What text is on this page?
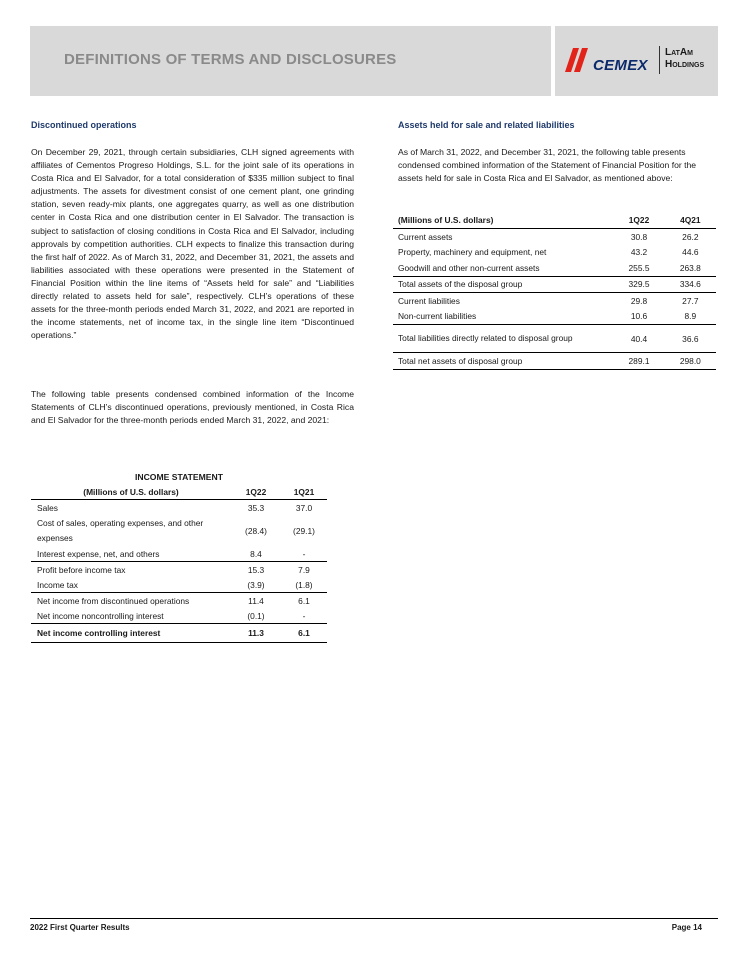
DEFINITIONS OF TERMS AND DISCLOSURES	CEMEX
LatAm
Holdings
Discontinued operations
On December 29, 2021, through certain subsidiaries, CLH signed agreements with affiliates of Cementos Progreso Holdings, S.L. for the joint sale of its operations in Costa Rica and El Salvador, for a total consideration of $335 million subject to final adjustments. The assets for divestment consist of one cement plant, one grinding station, seven ready-mix plants, one aggregates quarry, as well as one distribution center in Costa Rica and one distribution center in El Salvador. The transaction is subject to satisfaction of closing conditions in Costa Rica and El Salvador, including approvals by competition authorities. CLH expects to finalize this transaction during the first half of 2022. As of March 31, 2022, and December 31, 2021, the assets and liabilities associated with these operations were presented in the Statement of Financial Position within the line items of “Assets held for sale” and “Liabilities directly related to assets held for sale”, respectively. CLH’s operations of these assets for the three-month periods ended March 31, 2022, and 2021 are reported in the income statements, net of income tax, in the single line item “Discontinued operations.”
The following table presents condensed combined information of the Income Statements of CLH’s discontinued operations, previously mentioned, in Costa Rica and El Salvador for the three-month periods ended March 31, 2022, and 2021:
INCOME STATEMENT		
(Millions of U.S. dollars)	1Q22	1Q21
Sales	35.3	37.0
Cost of sales, operating expenses, and other expenses	(28.4)	(29.1)
Interest expense, net, and others	8.4	-
Profit before income tax	15.3	7.9
Income tax	(3.9)	(1.8)
Net income from discontinued operations	11.4	6.1
Net income noncontrolling interest	(0.1)	-
Net income controlling interest	11.3	6.1
Assets held for sale and related liabilities
As of March 31, 2022, and December 31, 2021, the following table presents condensed combined information of the Statement of Financial Position for the assets held for sale in Costa Rica and El Salvador, as mentioned above:
(Millions of U.S. dollars)	1Q22	4Q21
Current assets	30.8	26.2
Property, machinery and equipment, net	43.2	44.6
Goodwill and other non-current assets	255.5	263.8
Total assets of the disposal group	329.5	334.6
Current liabilities	29.8	27.7
Non-current liabilities	10.6	8.9
Total liabilities directly related to disposal group	40.4	36.6
Total net assets of disposal group	289.1	298.0
2022 First Quarter Results	Page 14
